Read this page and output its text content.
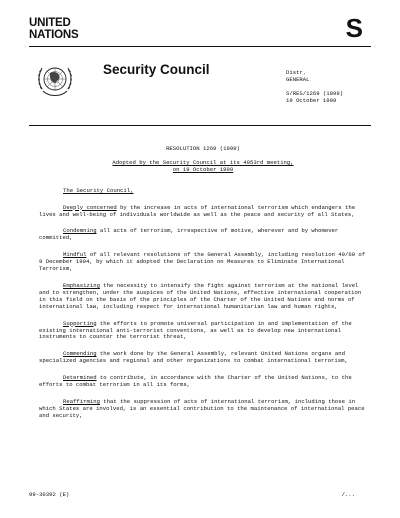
UNITED
NATIONS	S
Security Council	Distr.
GENERAL
S/RES/1269 (1999)
19 October 1999
RESOLUTION 1269 (1999)
Adopted by the Security Council at its 4053rd meeting,
on 19 October 1999
The Security Council,

Deeply concerned by the increase in acts of international terrorism which endangers the lives and well-being of individuals worldwide as well as the peace and security of all States,

Condemning all acts of terrorism, irrespective of motive, wherever and by whomever committed,

Mindful of all relevant resolutions of the General Assembly, including resolution 49/60 of 9 December 1994, by which it adopted the Declaration on Measures to Eliminate International Terrorism,

Emphasizing the necessity to intensify the fight against terrorism at the national level and to strengthen, under the auspices of the United Nations, effective international cooperation in this field on the basis of the principles of the Charter of the United Nations and norms of international law, including respect for international humanitarian law and human rights,

Supporting the efforts to promote universal participation in and implementation of the existing international anti-terrorist conventions, as well as to develop new international instruments to counter the terrorist threat,

Commending the work done by the General Assembly, relevant United Nations organs and specialized agencies and regional and other organizations to combat international terrorism,

Determined to contribute, in accordance with the Charter of the United Nations, to the efforts to combat terrorism in all its forms,

Reaffirming that the suppression of acts of international terrorism, including those in which States are involved, is an essential contribution to the maintenance of international peace and security,

99-30392 (E)	/...
